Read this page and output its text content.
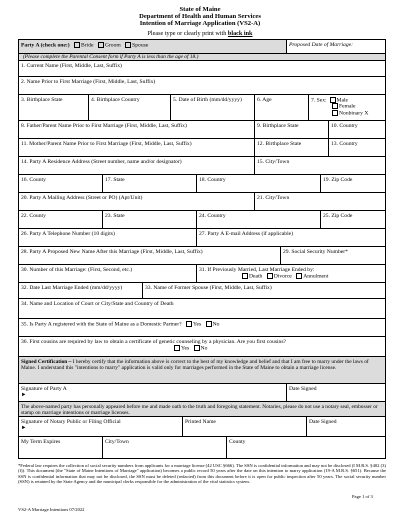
State of Maine
Department of Health and Human Services
Intention of Marriage Application (VS2-A)
Please type or clearly print with black ink
Party A (check one:) Bride Groom Spouse	Proposed Date of Marriage:
(Please complete the Parental Consent form if Party A is less than the age of 18.)
1. Current Name (First, Middle, Last, Suffix)
2. Name Prior to First Marriage (First, Middle, Last, Suffix)
3. Birthplace State	4. Birthplace Country	5. Date of Birth (mm/dd/yyyy)	6. Age	7. Sex: Male
Female
Nonbinary X
8. Father/Parent Name Prior to First Marriage (First, Middle, Last, Suffix)	9. Birthplace State	10. Country
11. Mother/Parent Name Prior to First Marriage (First, Middle, Last, Suffix)	12. Birthplace State	13. Country
14. Party A Residence Address (Street number, name and/or designator)	15. City/Town
16. County	17. State	18. Country	19. Zip Code
20. Party A Mailing Address (Street or PO) (Apt/Unit)	21. City/Town
22. County	23. State	24. Country	25. Zip Code
26. Party A Telephone Number (10 digits)	27. Party A E-mail Address (if applicable)
28. Party A Proposed New Name After this Marriage (First, Middle, Last, Suffix)	29. Social Security Number*
30. Number of this Marriage: (First, Second, etc.)	31. If Previously Married, Last Marriage Ended by:
Death Divorce Annulment
32. Date Last Marriage Ended (mm/dd/yyyy)	33. Name of Former Spouse (First, Middle, Last, Suffix)
34. Name and Location of Court or City/State and Country of Death
35. Is Party A registered with the State of Maine as a Domestic Partner? Yes No
36. First cousins are required by law to obtain a certificate of genetic counseling by a physician. Are you first cousins?
Yes No
Signed Certification ~ I hereby certify that the information above is correct to the best of my knowledge and belief and that I am free to marry under the laws of Maine. I understand this "intentions to marry" application is valid only for marriages performed in the State of Maine to obtain a marriage license.
Signature of Party A
►
Date Signed
The above-named party has personally appeared before me and made oath to the truth and foregoing statement. Notaries, please do not use a notary seal, embosser or stamp on marriage intentions or marriage licenses.
Signature of Notary Public or Filing Official
►
Printed Name	Date Signed
My Term Expires	City/Town	County
*Federal law requires the collection of social security numbers from applicants for a marriage license (42 USC §666). The SSN is confidential information and may not be disclosed (I M.R.S. §402 (3)(f)). This document (the "State of Maine Intentions of Marriage" application) becomes a public record 50 years after the date on this intention to marry application (19-A M.R.S. §651). Because the SSN is confidential information that may not be disclosed, the SSN must be deleted (redacted) from this document before it is open for public inspection after 50 years. The social security number (SSN) is retained by the State Agency and the municipal clerks responsible for the administration of the vital statistics system.
VS2-A Marriage Intentions 07/2022
Page 1 of 3
